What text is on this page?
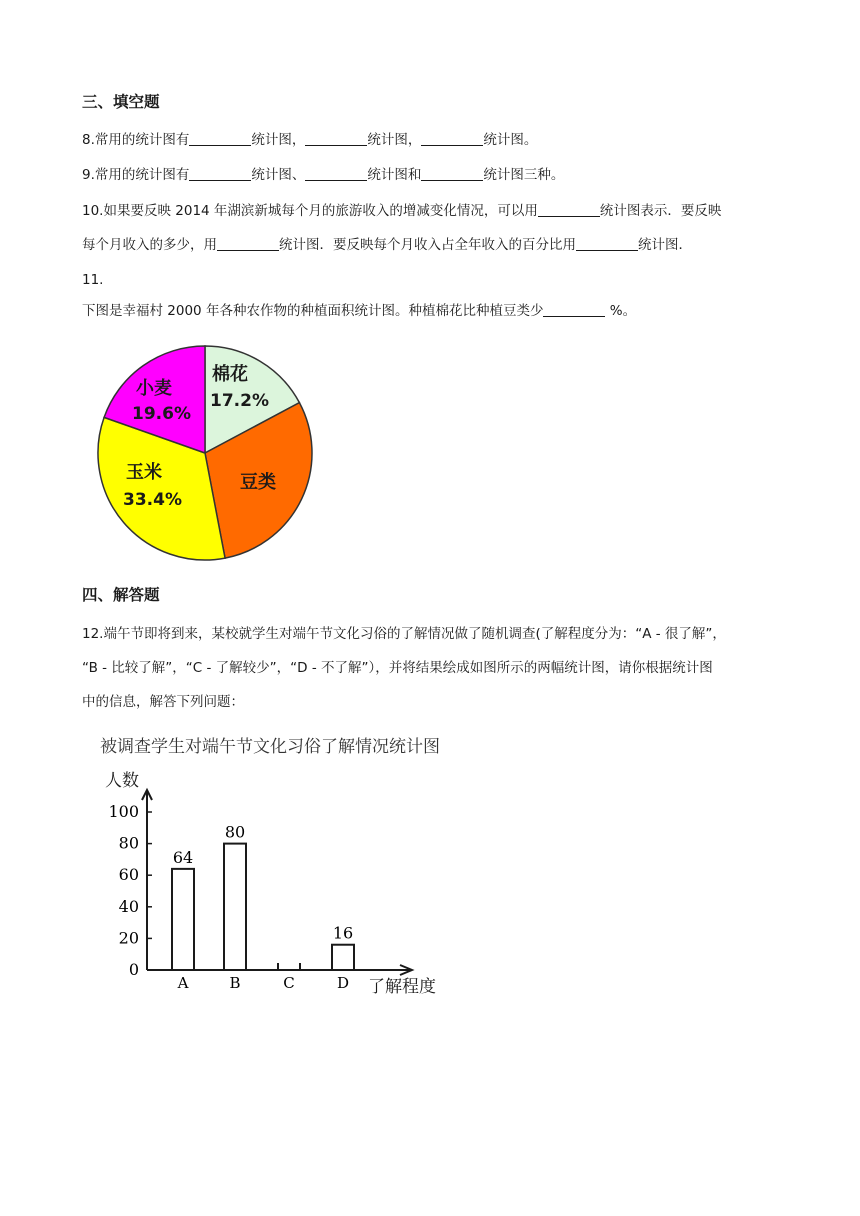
三、填空题
8.常用的统计图有	统计图，	统计图，	统计图。
9.常用的统计图有	统计图、	统计图和	统计图三种。
10.如果要反映 2014 年湖滨新城每个月的旅游收入的增减变化情况，可以用	统计图表示．要反映
每个月收入的多少，用	统计图．要反映每个月收入占全年收入的百分比用	统计图．
11.
下图是幸福村 2000 年各种农作物的种植面积统计图。种植棉花比种植豆类少	%。
棉花
17.2%
豆类
玉米
33.4%
小麦
19.6%
四、解答题
12.端午节即将到来，某校就学生对端午节文化习俗的了解情况做了随机调查(了解程度分为：“A - 很了解”，
“B - 比较了解”，“C - 了解较少”，“D - 不了解”），并将结果绘成如图所示的两幅统计图，请你根据统计图
中的信息，解答下列问题：
被调查学生对端午节文化习俗了解情况统计图
人数
了解程度
0
20
40
60
80
100
64
A
80
B	C
16
D
